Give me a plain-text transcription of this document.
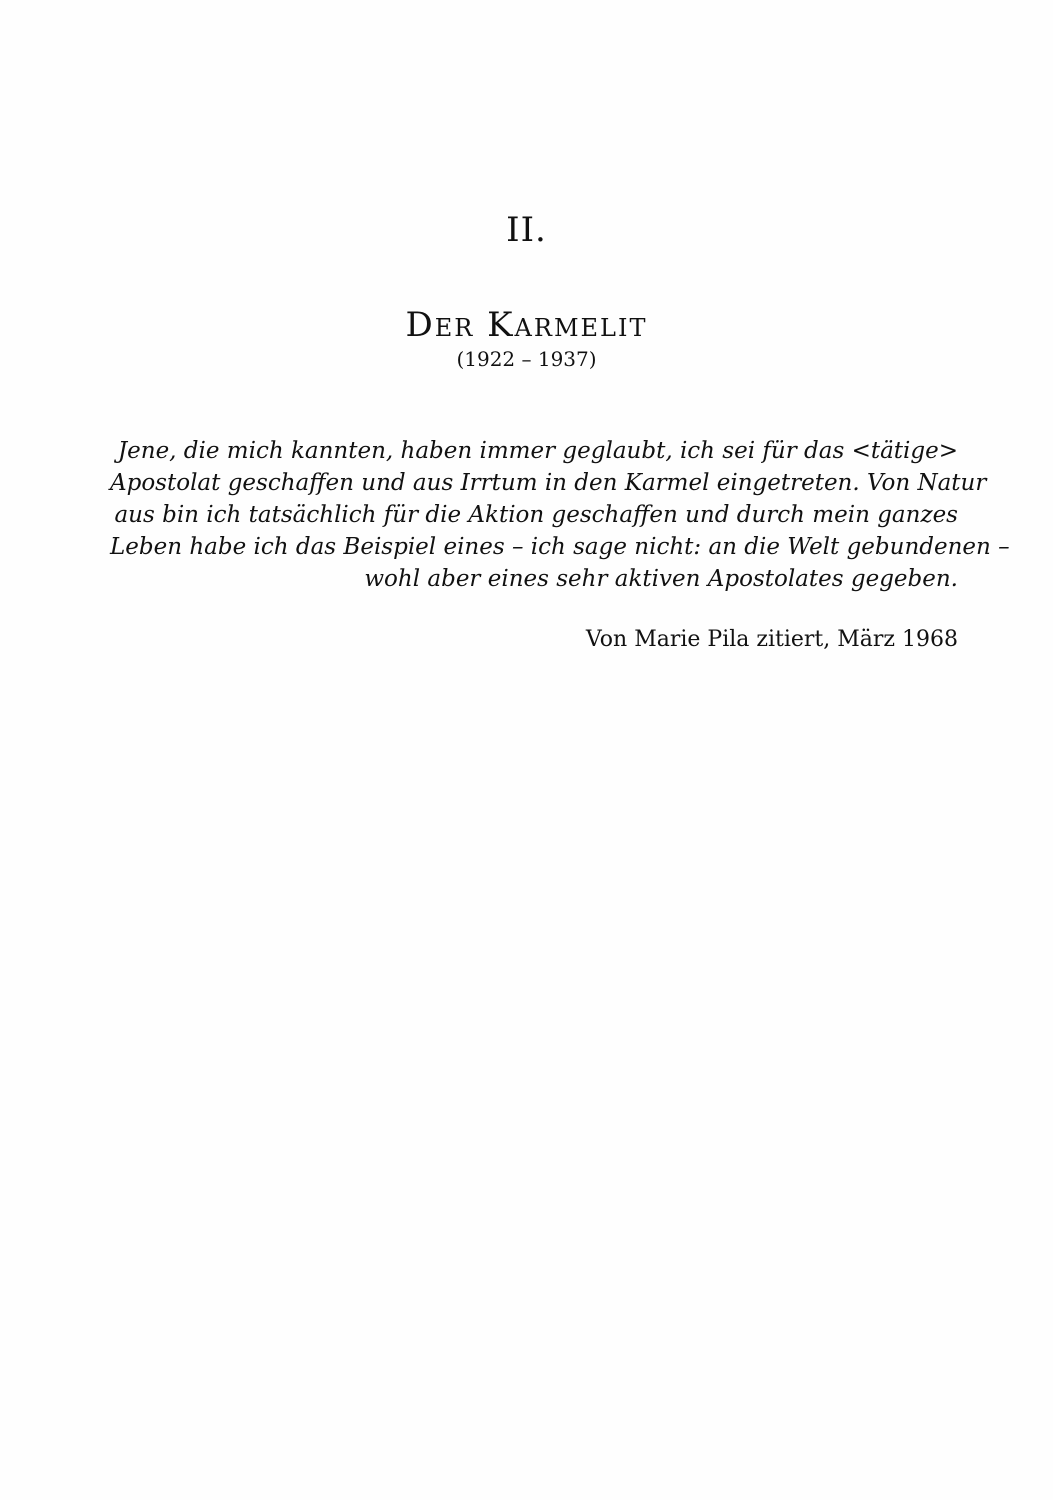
II.
Der Karmelit
(1922 – 1937)
Jene, die mich kannten, haben immer geglaubt, ich sei für das <tätige>
Apostolat geschaffen und aus Irrtum in den Karmel eingetreten. Von Natur
aus bin ich tatsächlich für die Aktion geschaffen und durch mein ganzes
Leben habe ich das Beispiel eines – ich sage nicht: an die Welt gebundenen –
wohl aber eines sehr aktiven Apostolates gegeben.
Von Marie Pila zitiert, März 1968
